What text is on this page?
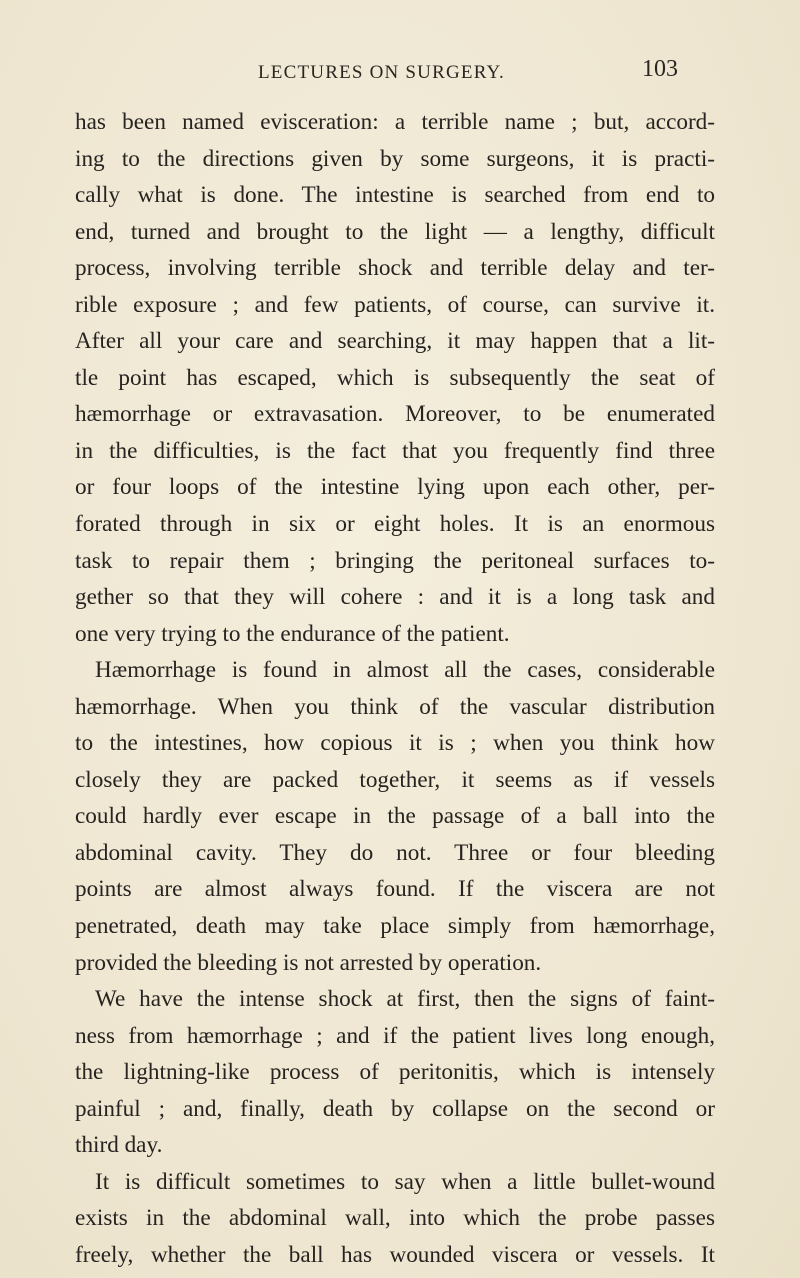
LECTURES ON SURGERY.	103
has been named evisceration: a terrible name ; but, accord-
ing to the directions given by some surgeons, it is practi-
cally what is done. The intestine is searched from end to
end, turned and brought to the light — a lengthy, difficult
process, involving terrible shock and terrible delay and ter-
rible exposure ; and few patients, of course, can survive it.
After all your care and searching, it may happen that a lit-
tle point has escaped, which is subsequently the seat of
hæmorrhage or extravasation. Moreover, to be enumerated
in the difficulties, is the fact that you frequently find three
or four loops of the intestine lying upon each other, per-
forated through in six or eight holes. It is an enormous
task to repair them ; bringing the peritoneal surfaces to-
gether so that they will cohere : and it is a long task and
one very trying to the endurance of the patient.
Hæmorrhage is found in almost all the cases, considerable
hæmorrhage. When you think of the vascular distribution
to the intestines, how copious it is ; when you think how
closely they are packed together, it seems as if vessels
could hardly ever escape in the passage of a ball into the
abdominal cavity. They do not. Three or four bleeding
points are almost always found. If the viscera are not
penetrated, death may take place simply from hæmorrhage,
provided the bleeding is not arrested by operation.
We have the intense shock at first, then the signs of faint-
ness from hæmorrhage ; and if the patient lives long enough,
the lightning-like process of peritonitis, which is intensely
painful ; and, finally, death by collapse on the second or
third day.
It is difficult sometimes to say when a little bullet-wound
exists in the abdominal wall, into which the probe passes
freely, whether the ball has wounded viscera or vessels. It
